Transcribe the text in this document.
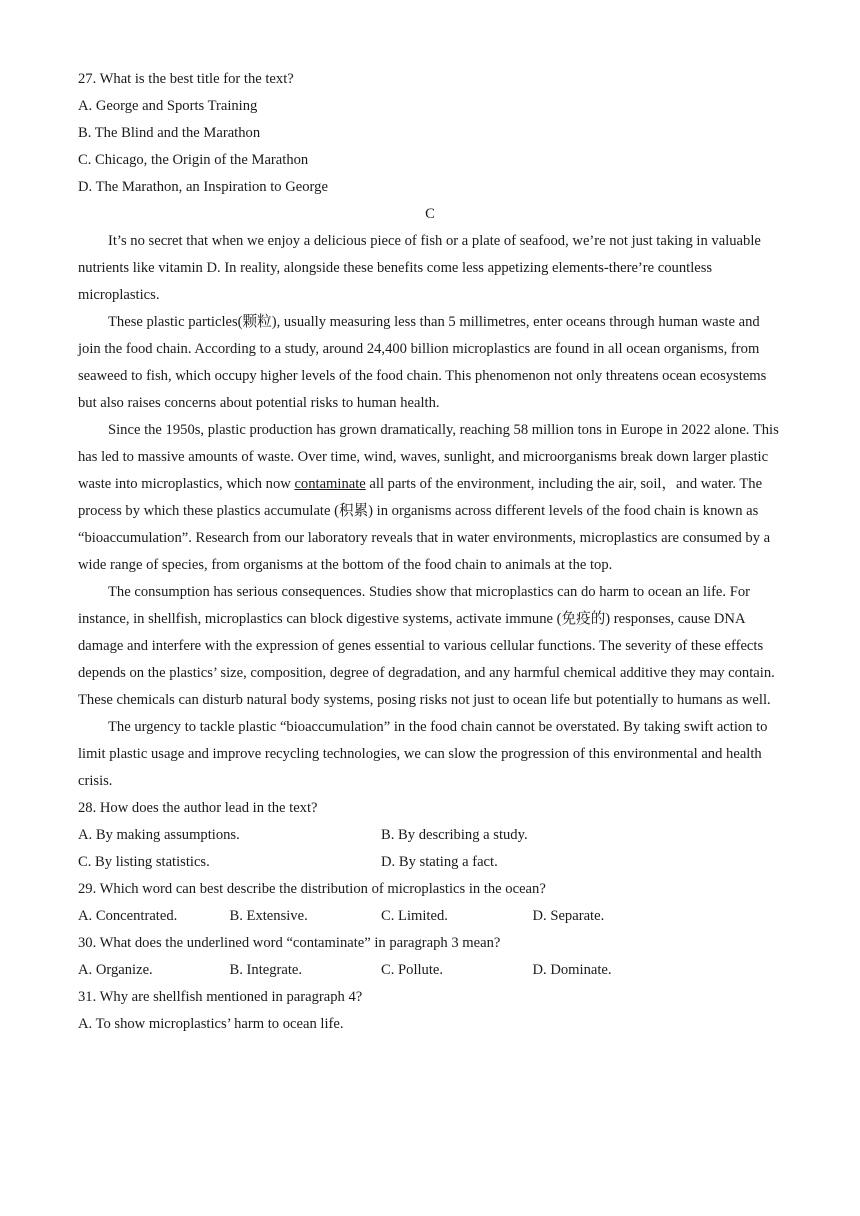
27. What is the best title for the text?
A. George and Sports Training
B. The Blind and the Marathon
C. Chicago, the Origin of the Marathon
D. The Marathon, an Inspiration to George
C

It’s no secret that when we enjoy a delicious piece of fish or a plate of seafood, we’re not just taking in valuable nutrients like vitamin D. In reality, alongside these benefits come less appetizing elements-there’re countless microplastics.

These plastic particles(颗粒), usually measuring less than 5 millimetres, enter oceans through human waste and join the food chain. According to a study, around 24,400 billion microplastics are found in all ocean organisms, from seaweed to fish, which occupy higher levels of the food chain. This phenomenon not only threatens ocean ecosystems but also raises concerns about potential risks to human health.

Since the 1950s, plastic production has grown dramatically, reaching 58 million tons in Europe in 2022 alone. This has led to massive amounts of waste. Over time, wind, waves, sunlight, and microorganisms break down larger plastic waste into microplastics, which now contaminate all parts of the environment, including the air, soil，and water. The process by which these plastics accumulate (积累) in organisms across different levels of the food chain is known as “bioaccumulation”. Research from our laboratory reveals that in water environments, microplastics are consumed by a wide range of species, from organisms at the bottom of the food chain to animals at the top.

The consumption has serious consequences. Studies show that microplastics can do harm to ocean an life. For instance, in shellfish, microplastics can block digestive systems, activate immune (免疫的) responses, cause DNA damage and interfere with the expression of genes essential to various cellular functions. The severity of these effects depends on the plastics’ size, composition, degree of degradation, and any harmful chemical additive they may contain. These chemicals can disturb natural body systems, posing risks not just to ocean life but potentially to humans as well.

The urgency to tackle plastic “bioaccumulation” in the food chain cannot be overstated. By taking swift action to limit plastic usage and improve recycling technologies, we can slow the progression of this environmental and health crisis.

28. How does the author lead in the text?
A. By making assumptions.	B. By describing a study.
C. By listing statistics.	D. By stating a fact.
29. Which word can best describe the distribution of microplastics in the ocean?
A. Concentrated.	B. Extensive.	C. Limited.	D. Separate.
30. What does the underlined word “contaminate” in paragraph 3 mean?
A. Organize.	B. Integrate.	C. Pollute.	D. Dominate.
31. Why are shellfish mentioned in paragraph 4?
A. To show microplastics’ harm to ocean life.
